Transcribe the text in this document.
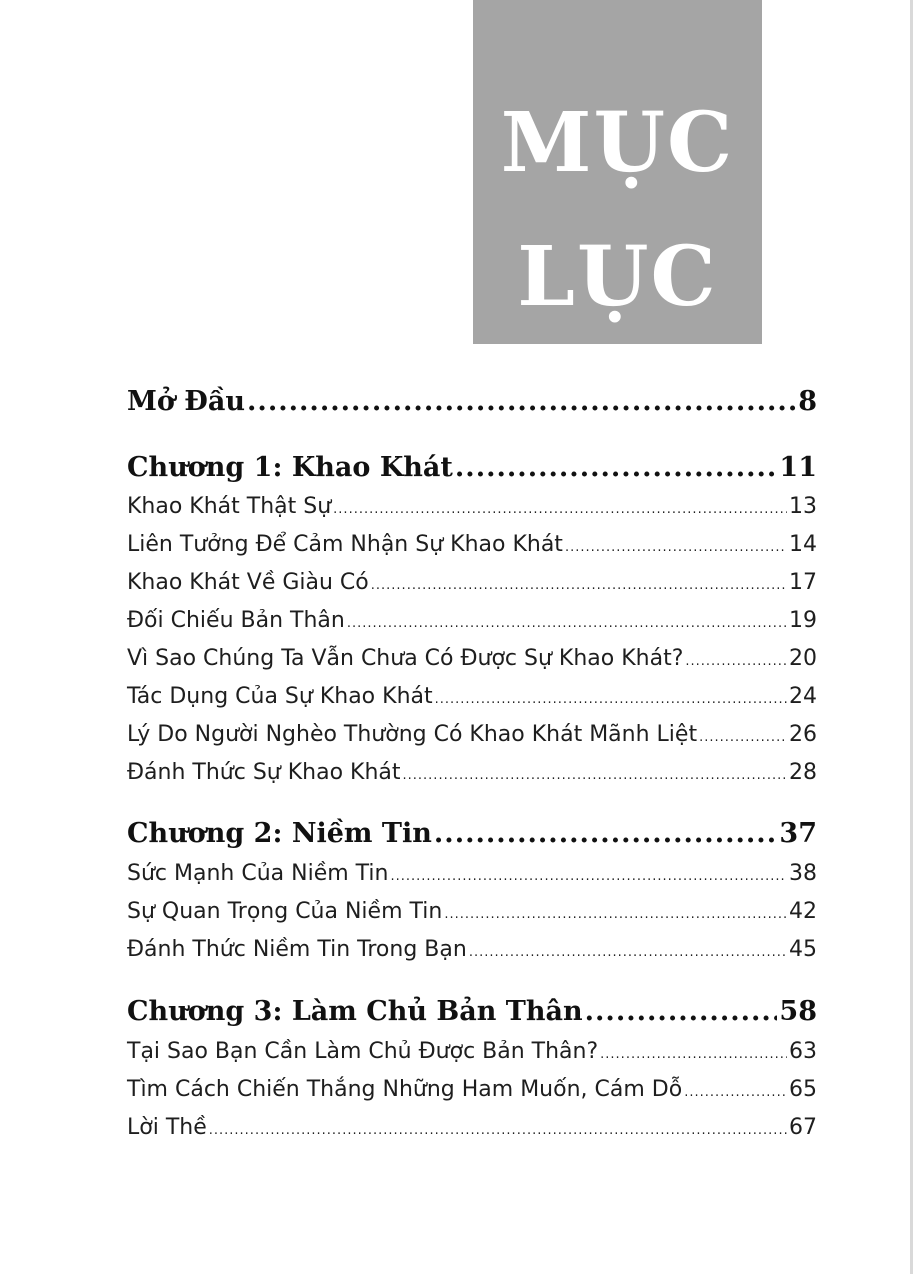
MỤC
LỤC
Mở Đầu .....	8
Chương 1: Khao Khát .....	11
Khao Khát Thật Sự .....	13
Liên Tưởng Để Cảm Nhận Sự Khao Khát .....	14
Khao Khát Về Giàu Có .....	17
Đối Chiếu Bản Thân .....	19
Vì Sao Chúng Ta Vẫn Chưa Có Được Sự Khao Khát? .....	20
Tác Dụng Của Sự Khao Khát .....	24
Lý Do Người Nghèo Thường Có Khao Khát Mãnh Liệt .....	26
Đánh Thức Sự Khao Khát .....	28
Chương 2: Niềm Tin .....	37
Sức Mạnh Của Niềm Tin .....	38
Sự Quan Trọng Của Niềm Tin .....	42
Đánh Thức Niềm Tin Trong Bạn .....	45
Chương 3: Làm Chủ Bản Thân .....	58
Tại Sao Bạn Cần Làm Chủ Được Bản Thân? .....	63
Tìm Cách Chiến Thắng Những Ham Muốn, Cám Dỗ .....	65
Lời Thề .....	67
